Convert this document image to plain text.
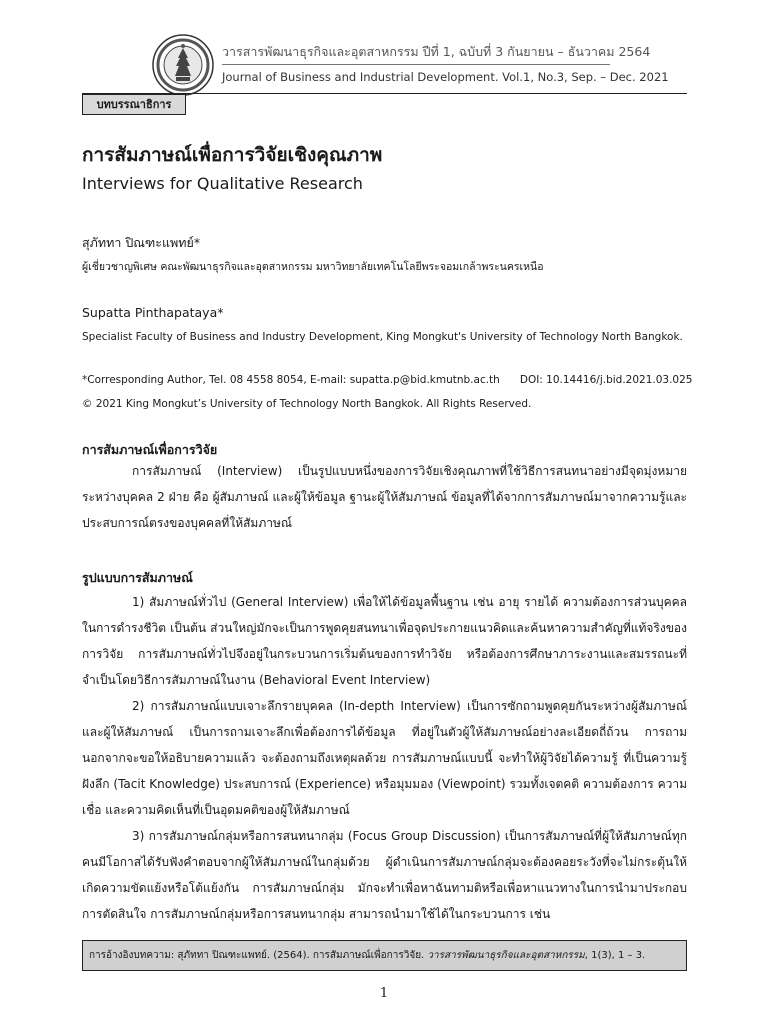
วารสารพัฒนาธุรกิจและอุตสาหกรรม ปีที่ 1, ฉบับที่ 3 กันยายน – ธันวาคม 2564
Journal of Business and Industrial Development. Vol.1, No.3, Sep. – Dec. 2021
บทบรรณาธิการ
การสัมภาษณ์เพื่อการวิจัยเชิงคุณภาพ
Interviews for Qualitative Research
สุภัททา ปิณฑะแพทย์*
ผู้เชี่ยวชาญพิเศษ คณะพัฒนาธุรกิจและอุตสาหกรรม มหาวิทยาลัยเทคโนโลยีพระจอมเกล้าพระนครเหนือ
Supatta Pinthapataya*
Specialist Faculty of Business and Industry Development, King Mongkut's University of Technology North Bangkok.
*Corresponding Author, Tel. 08 4558 8054, E-mail: supatta.p@bid.kmutnb.ac.th      DOI: 10.14416/j.bid.2021.03.025
© 2021 King Mongkut’s University of Technology North Bangkok. All Rights Reserved.
การสัมภาษณ์เพื่อการวิจัย
การสัมภาษณ์ (Interview) เป็นรูปแบบหนึ่งของการวิจัยเชิงคุณภาพที่ใช้วิธีการสนทนาอย่างมีจุดมุ่งหมายระหว่างบุคคล 2 ฝ่าย คือ ผู้สัมภาษณ์ และผู้ให้ข้อมูล ฐานะผู้ให้สัมภาษณ์ ข้อมูลที่ได้จากการสัมภาษณ์มาจากความรู้และประสบการณ์ตรงของบุคคลที่ให้สัมภาษณ์
รูปแบบการสัมภาษณ์
1) สัมภาษณ์ทั่วไป (General Interview) เพื่อให้ได้ข้อมูลพื้นฐาน เช่น อายุ รายได้ ความต้องการส่วนบุคคลในการดำรงชีวิต เป็นต้น ส่วนใหญ่มักจะเป็นการพูดคุยสนทนาเพื่อจุดประกายแนวคิดและค้นหาความสำคัญที่แท้จริงของการวิจัย การสัมภาษณ์ทั่วไปจึงอยู่ในกระบวนการเริ่มต้นของการทำวิจัย หรือต้องการศึกษาภาระงานและสมรรถนะที่จำเป็นโดยวิธีการสัมภาษณ์ในงาน (Behavioral Event Interview)
2) การสัมภาษณ์แบบเจาะลึกรายบุคคล (In-depth Interview) เป็นการซักถามพูดคุยกันระหว่างผู้สัมภาษณ์และผู้ให้สัมภาษณ์ เป็นการถามเจาะลึกเพื่อต้องการได้ข้อมูล ที่อยู่ในตัวผู้ให้สัมภาษณ์อย่างละเอียดถี่ถ้วน การถามนอกจากจะขอให้อธิบายความแล้ว จะต้องถามถึงเหตุผลด้วย การสัมภาษณ์แบบนี้ จะทำให้ผู้วิจัยได้ความรู้ ที่เป็นความรู้ฝังลึก (Tacit Knowledge) ประสบการณ์ (Experience) หรือมุมมอง (Viewpoint) รวมทั้งเจตคติ ความต้องการ ความเชื่อ และความคิดเห็นที่เป็นอุดมคติของผู้ให้สัมภาษณ์
3) การสัมภาษณ์กลุ่มหรือการสนทนากลุ่ม (Focus Group Discussion) เป็นการสัมภาษณ์ที่ผู้ให้สัมภาษณ์ทุกคนมีโอกาสได้รับฟังคำตอบจากผู้ให้สัมภาษณ์ในกลุ่มด้วย ผู้ดำเนินการสัมภาษณ์กลุ่มจะต้องคอยระวังที่จะไม่กระตุ้นให้เกิดความขัดแย้งหรือโต้แย้งกัน การสัมภาษณ์กลุ่ม มักจะทำเพื่อหาฉันทามติหรือเพื่อหาแนวทางในการนำมาประกอบการตัดสินใจ การสัมภาษณ์กลุ่มหรือการสนทนากลุ่ม สามารถนำมาใช้ได้ในกระบวนการ เช่น
การอ้างอิงบทความ: สุภัททา ปิณฑะแพทย์. (2564). การสัมภาษณ์เพื่อการวิจัย. วารสารพัฒนาธุรกิจและอุตสาหกรรม, 1(3), 1 – 3.
1
